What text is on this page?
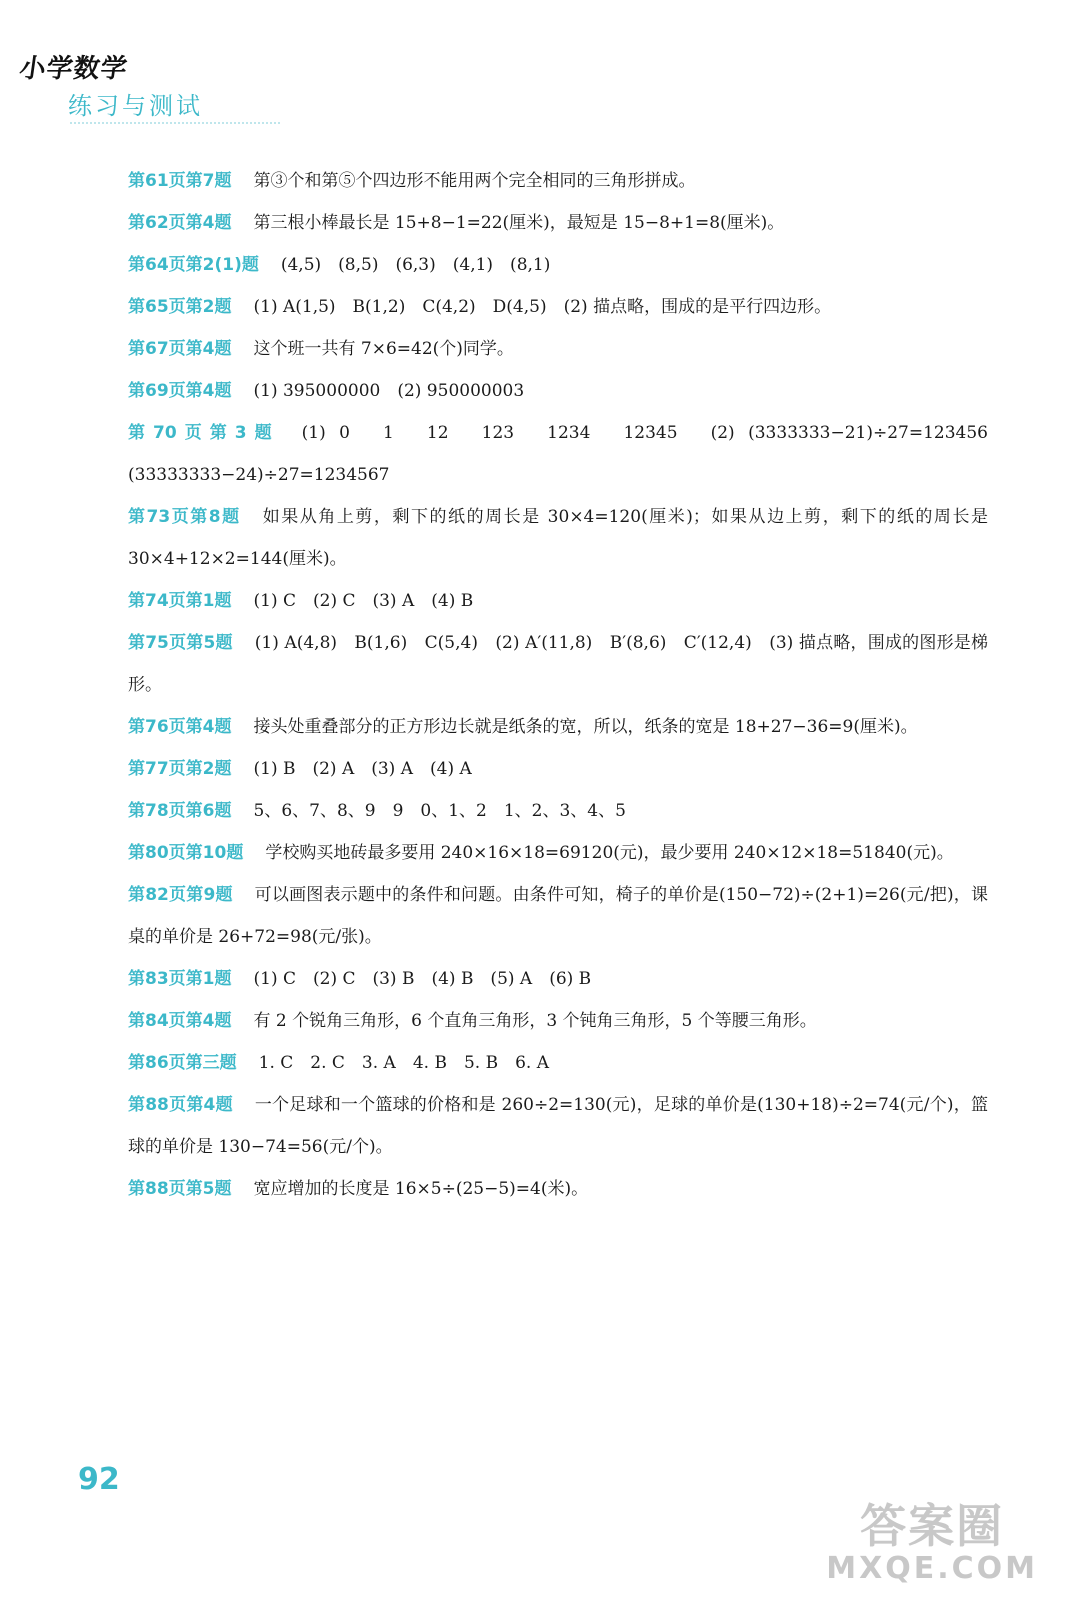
小学数学
练习与测试
第61页第7题 第③个和第⑤个四边形不能用两个完全相同的三角形拼成。
第62页第4题 第三根小棒最长是 15+8−1=22(厘米)，最短是 15−8+1=8(厘米)。
第64页第2(1)题 (4,5)　(8,5)　(6,3)　(4,1)　(8,1)
第65页第2题 (1) A(1,5)　B(1,2)　C(4,2)　D(4,5)　(2) 描点略，围成的是平行四边形。
第67页第4题 这个班一共有 7×6=42(个)同学。
第69页第4题 (1) 395000000　(2) 950000003
第70页第3题 (1) 0　1　12　123　1234　12345　(2) (3333333−21)÷27=123456　(33333333−24)÷27=1234567
第73页第8题 如果从角上剪，剩下的纸的周长是 30×4=120(厘米)；如果从边上剪，剩下的纸的周长是 30×4+12×2=144(厘米)。
第74页第1题 (1) C　(2) C　(3) A　(4) B
第75页第5题 (1) A(4,8)　B(1,6)　C(5,4)　(2) A′(11,8)　B′(8,6)　C′(12,4)　(3) 描点略，围成的图形是梯形。
第76页第4题 接头处重叠部分的正方形边长就是纸条的宽，所以，纸条的宽是 18+27−36=9(厘米)。
第77页第2题 (1) B　(2) A　(3) A　(4) A
第78页第6题 5、6、7、8、9　9　0、1、2　1、2、3、4、5
第80页第10题 学校购买地砖最多要用 240×16×18=69120(元)，最少要用 240×12×18=51840(元)。
第82页第9题 可以画图表示题中的条件和问题。由条件可知，椅子的单价是(150−72)÷(2+1)=26(元/把)，课桌的单价是 26+72=98(元/张)。
第83页第1题 (1) C　(2) C　(3) B　(4) B　(5) A　(6) B
第84页第4题 有 2 个锐角三角形，6 个直角三角形，3 个钝角三角形，5 个等腰三角形。
第86页第三题 1. C　2. C　3. A　4. B　5. B　6. A
第88页第4题 一个足球和一个篮球的价格和是 260÷2=130(元)，足球的单价是(130+18)÷2=74(元/个)，篮球的单价是 130−74=56(元/个)。
第88页第5题 宽应增加的长度是 16×5÷(25−5)=4(米)。
92
答案圈
MXQE.COM
